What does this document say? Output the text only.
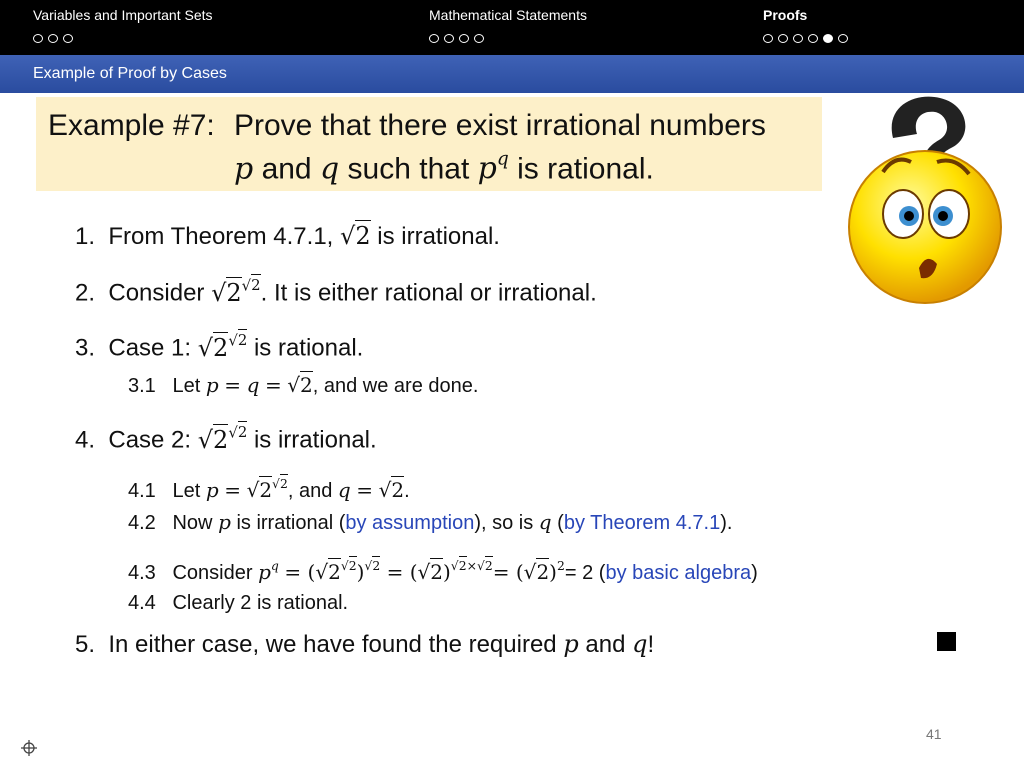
Variables and Important Sets	Mathematical Statements	Proofs
Example of Proof by Cases
Example #7: Prove that there exist irrational numbers
p and q such that $p^q$ is rational.
1. From Theorem 4.7.1, √2 is irrational.
2. Consider $√2^{√2}$. It is either rational or irrational.
3. Case 1: $√2^{√2}$ is rational.
3.1 Let p = q = √2, and we are done.
4. Case 2: $√2^{√2}$ is irrational.
4.1 Let $p = √2^{√2}$, and q = √2.
4.2 Now p is irrational (by assumption), so is q (by Theorem 4.7.1).
4.3 Consider $p^q = (√2^{√2})^{√2} = (√2)^{√2\times√2}= (√2)^2= 2$ (by basic algebra)
4.4 Clearly 2 is rational.
5. In either case, we have found the required p and q!
41
